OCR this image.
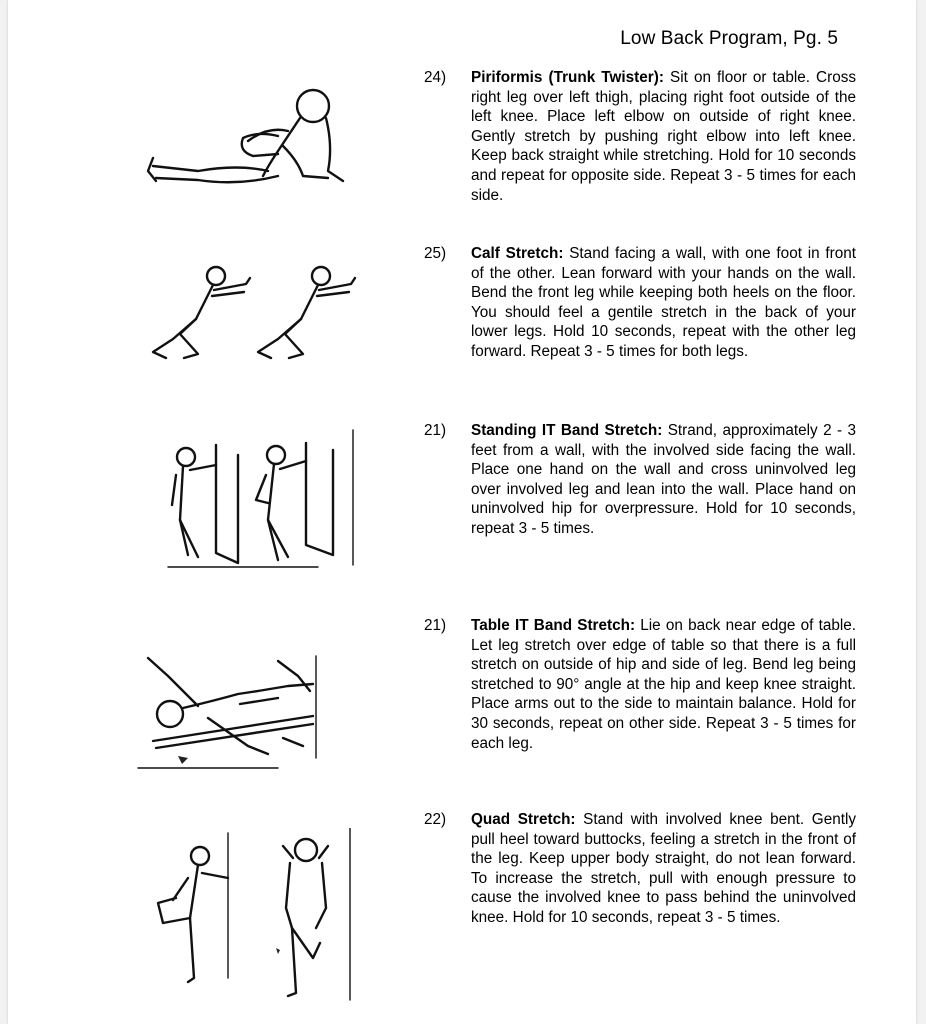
Low Back Program, Pg. 5
24) Piriformis (Trunk Twister): Sit on floor or table. Cross right leg over left thigh, placing right foot outside of the left knee. Place left elbow on outside of right knee. Gently stretch by pushing right elbow into left knee. Keep back straight while stretching. Hold for 10 seconds and repeat for opposite side. Repeat 3 - 5 times for each side.
25) Calf Stretch: Stand facing a wall, with one foot in front of the other. Lean forward with your hands on the wall. Bend the front leg while keeping both heels on the floor. You should feel a gentile stretch in the back of your lower legs. Hold 10 seconds, repeat with the other leg forward. Repeat 3 - 5 times for both legs.
21) Standing IT Band Stretch: Strand, approximately 2 - 3 feet from a wall, with the involved side facing the wall. Place one hand on the wall and cross uninvolved leg over involved leg and lean into the wall. Place hand on uninvolved hip for overpressure. Hold for 10 seconds, repeat 3 - 5 times.
21) Table IT Band Stretch: Lie on back near edge of table. Let leg stretch over edge of table so that there is a full stretch on outside of hip and side of leg. Bend leg being stretched to 90° angle at the hip and keep knee straight. Place arms out to the side to maintain balance. Hold for 30 seconds, repeat on other side. Repeat 3 - 5 times for each leg.
22) Quad Stretch: Stand with involved knee bent. Gently pull heel toward buttocks, feeling a stretch in the front of the leg. Keep upper body straight, do not lean forward. To increase the stretch, pull with enough pressure to cause the involved knee to pass behind the uninvolved knee. Hold for 10 seconds, repeat 3 - 5 times.
